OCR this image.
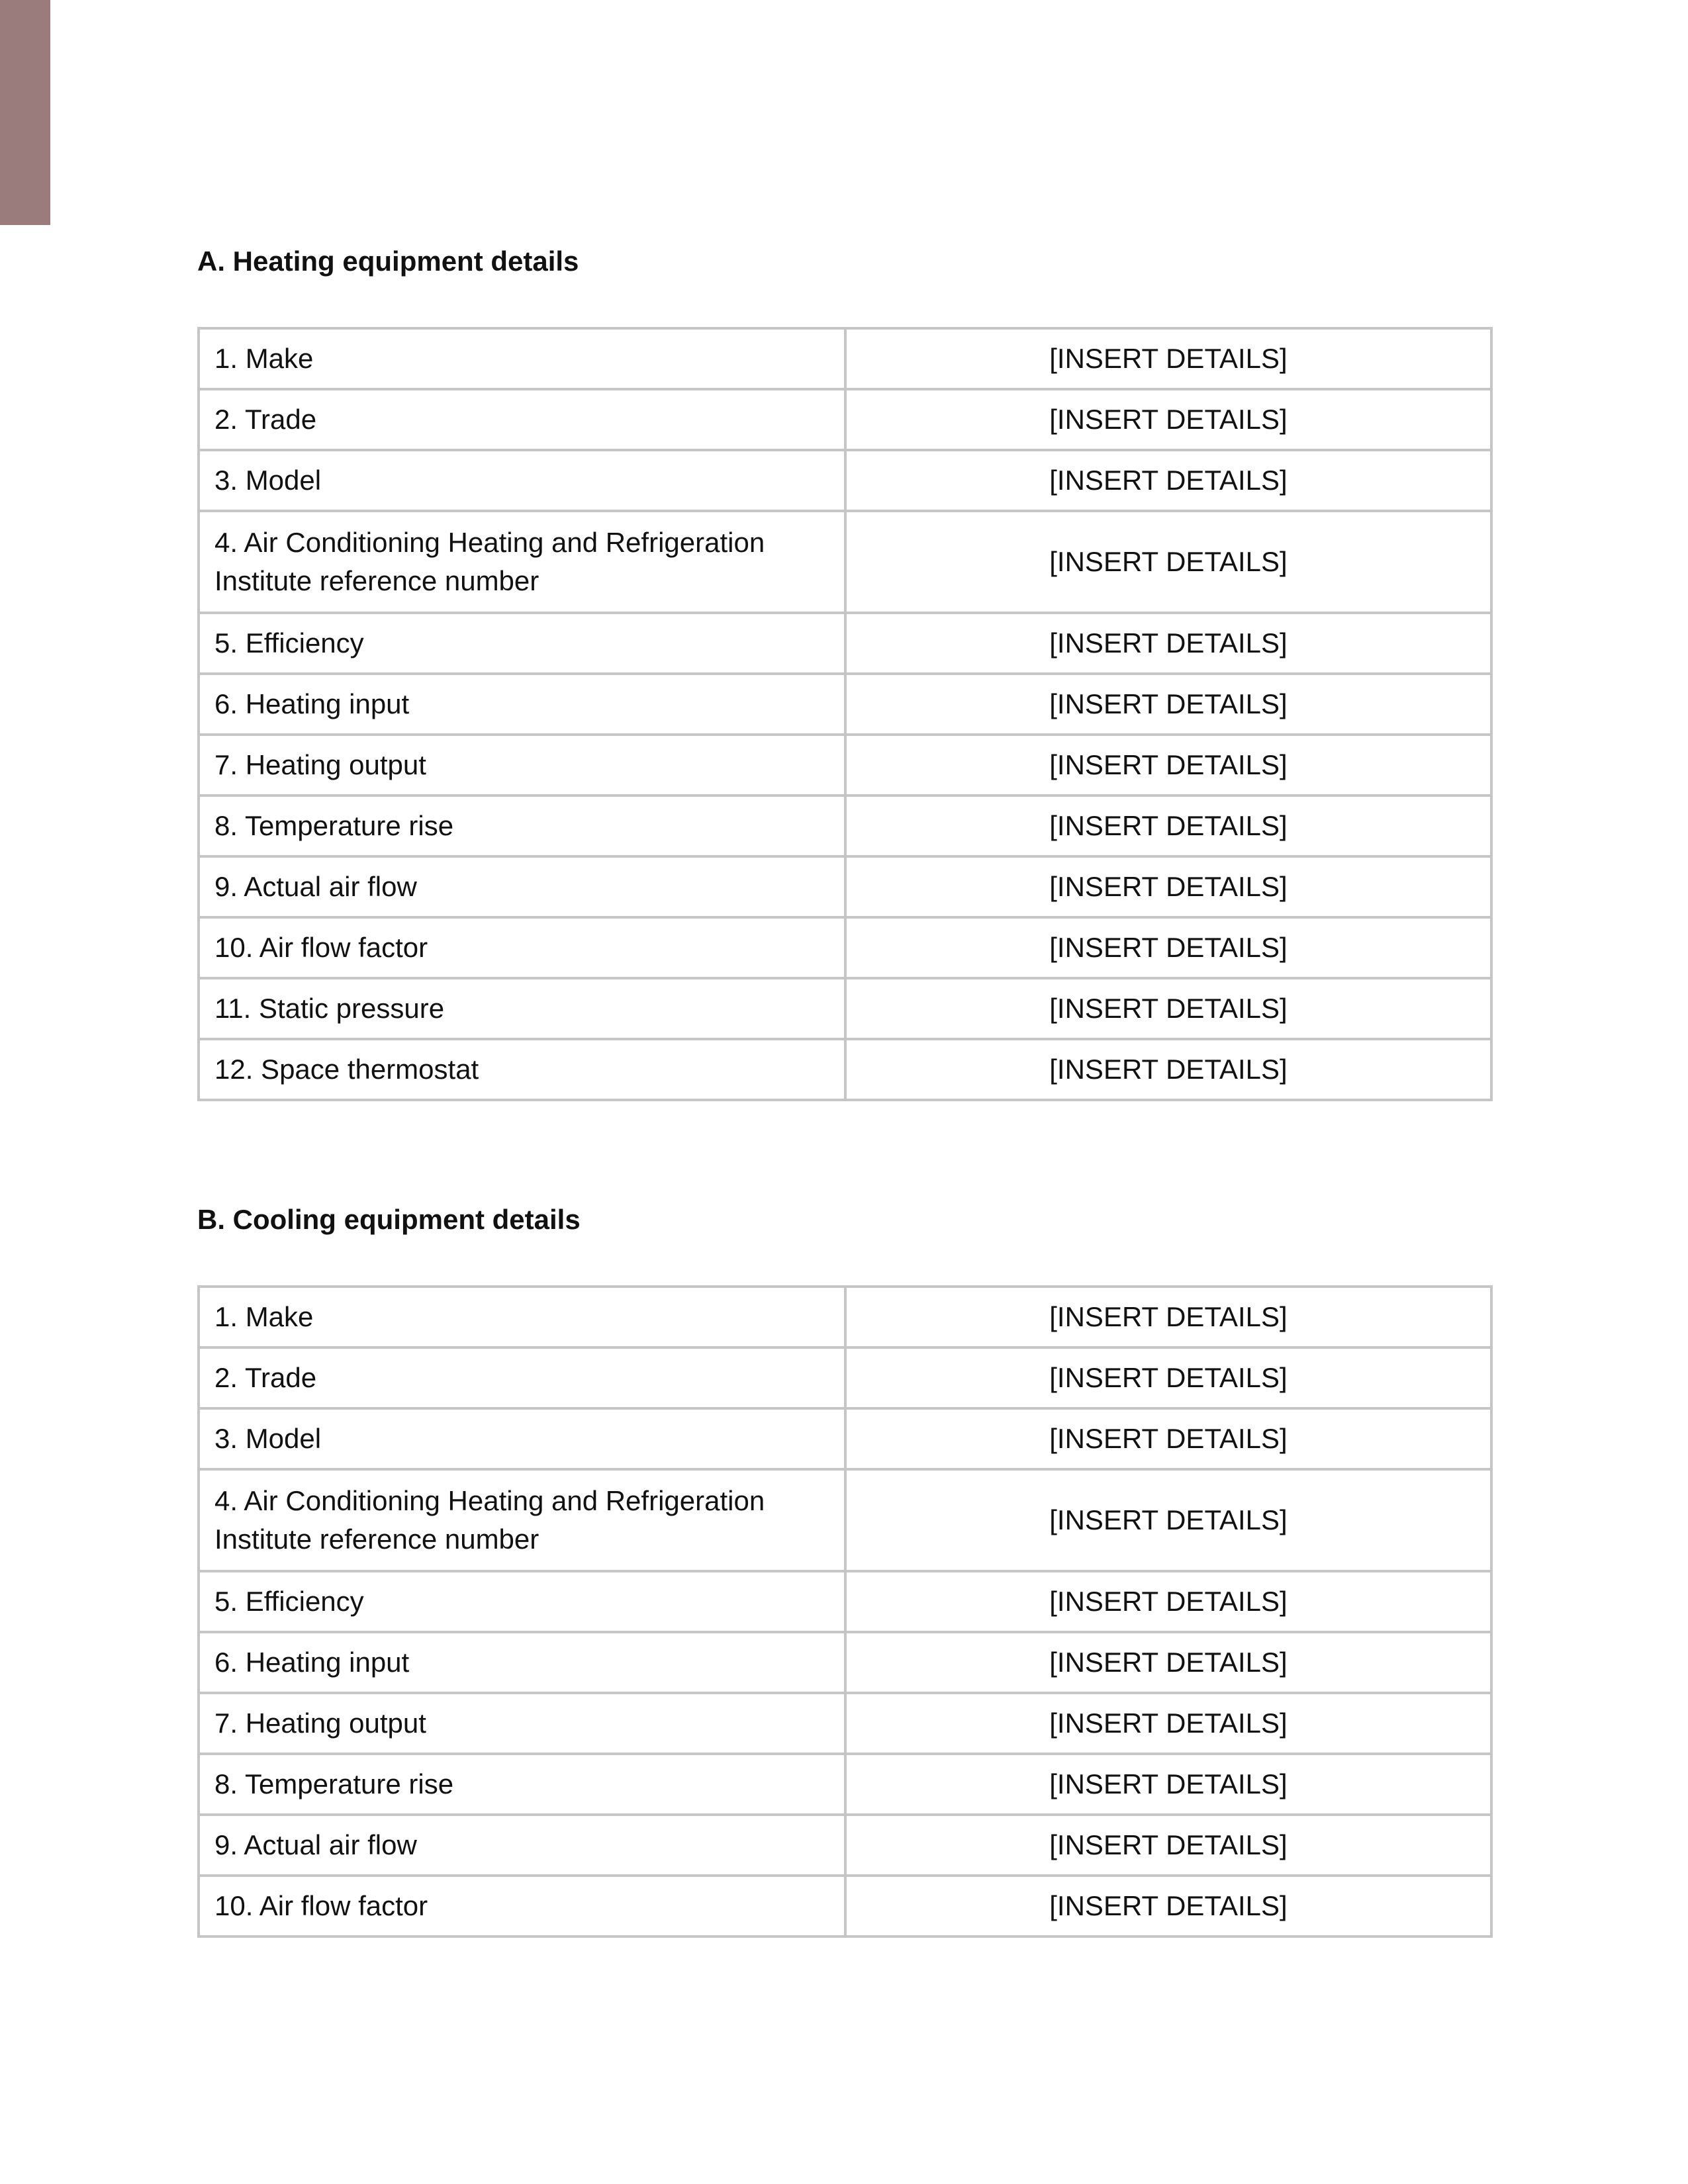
A. Heating equipment details
1. Make	[INSERT DETAILS]
2. Trade	[INSERT DETAILS]
3. Model	[INSERT DETAILS]
4. Air Conditioning Heating and Refrigeration Institute reference number	[INSERT DETAILS]
5. Efficiency	[INSERT DETAILS]
6. Heating input	[INSERT DETAILS]
7. Heating output	[INSERT DETAILS]
8. Temperature rise	[INSERT DETAILS]
9. Actual air flow	[INSERT DETAILS]
10. Air flow factor	[INSERT DETAILS]
11. Static pressure	[INSERT DETAILS]
12. Space thermostat	[INSERT DETAILS]
B. Cooling equipment details
1. Make	[INSERT DETAILS]
2. Trade	[INSERT DETAILS]
3. Model	[INSERT DETAILS]
4. Air Conditioning Heating and Refrigeration Institute reference number	[INSERT DETAILS]
5. Efficiency	[INSERT DETAILS]
6. Heating input	[INSERT DETAILS]
7. Heating output	[INSERT DETAILS]
8. Temperature rise	[INSERT DETAILS]
9. Actual air flow	[INSERT DETAILS]
10. Air flow factor	[INSERT DETAILS]
